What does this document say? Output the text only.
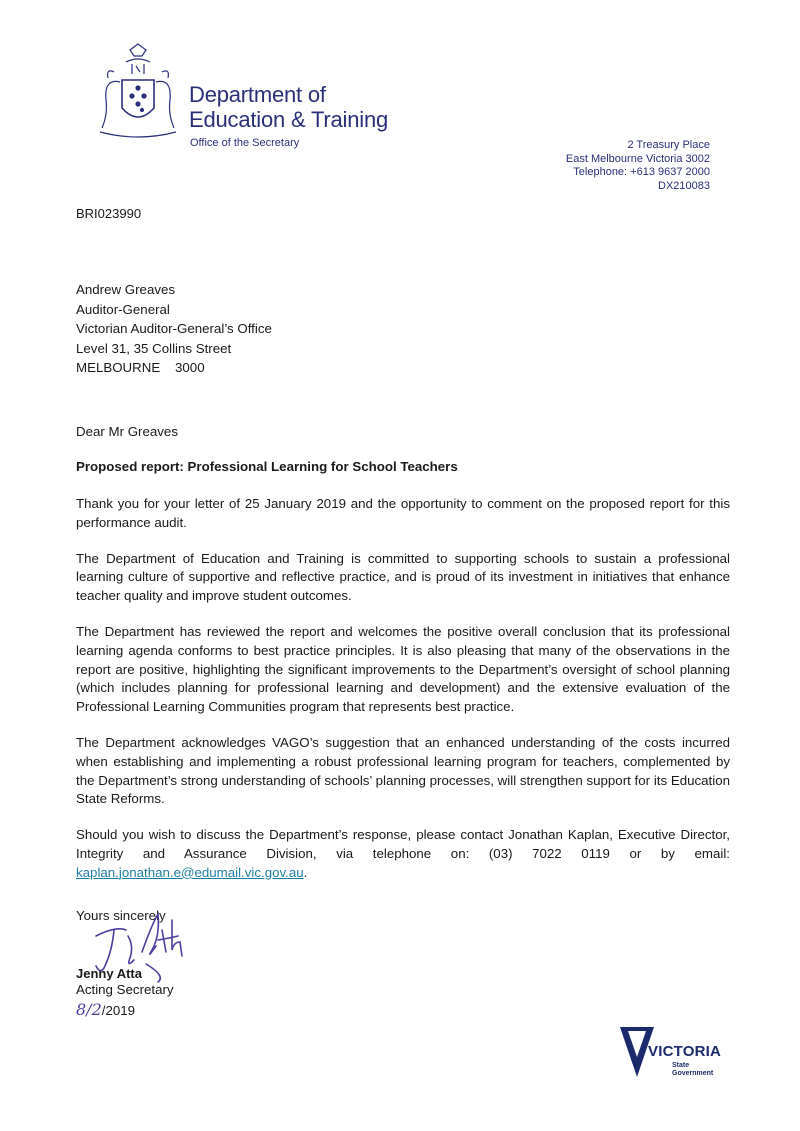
Department of
Education & Training
Office of the Secretary	2 Treasury Place
East Melbourne Victoria 3002
Telephone: +613 9637 2000
DX210083
BRI023990
Andrew Greaves
Auditor-General
Victorian Auditor-General’s Office
Level 31, 35 Collins Street
MELBOURNE    3000
Dear Mr Greaves
Proposed report: Professional Learning for School Teachers

Thank you for your letter of 25 January 2019 and the opportunity to comment on the proposed report for this performance audit.

The Department of Education and Training is committed to supporting schools to sustain a professional learning culture of supportive and reflective practice, and is proud of its investment in initiatives that enhance teacher quality and improve student outcomes.

The Department has reviewed the report and welcomes the positive overall conclusion that its professional learning agenda conforms to best practice principles. It is also pleasing that many of the observations in the report are positive, highlighting the significant improvements to the Department’s oversight of school planning (which includes planning for professional learning and development) and the extensive evaluation of the Professional Learning Communities program that represents best practice.

The Department acknowledges VAGO’s suggestion that an enhanced understanding of the costs incurred when establishing and implementing a robust professional learning program for teachers, complemented by the Department’s strong understanding of schools’ planning processes, will strengthen support for its Education State Reforms.

Should you wish to discuss the Department’s response, please contact Jonathan Kaplan, Executive Director, Integrity and Assurance Division, via telephone on: (03) 7022 0119 or by email: kaplan.jonathan.e@edumail.vic.gov.au.

Yours sincerely
Jenny Atta
Acting Secretary
8/2/2019
VICTORIA
State
Government
